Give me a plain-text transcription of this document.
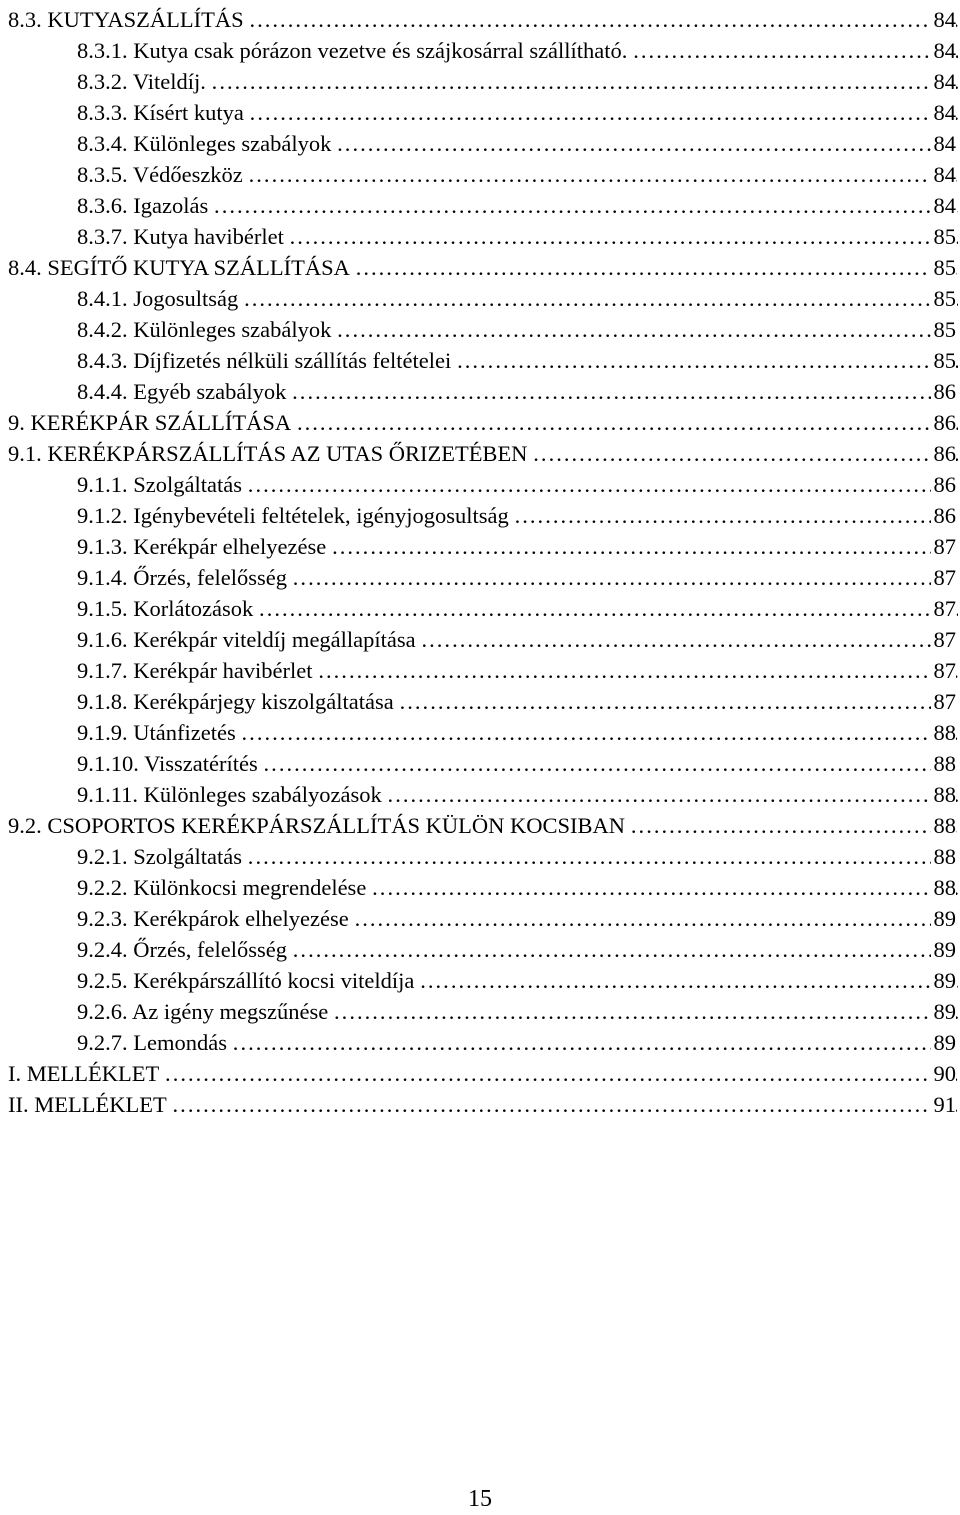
8.3. KUTYASZÁLLÍTÁS . . .	84
8.3.1. Kutya csak pórázon vezetve és szájkosárral szállítható. . . .	84
8.3.2. Viteldíj. . . .	84
8.3.3. Kísért kutya . . .	84
8.3.4. Különleges szabályok . . .	84
8.3.5. Védőeszköz . . .	84
8.3.6. Igazolás . . .	84
8.3.7. Kutya havibérlet . . .	85
8.4. SEGÍTŐ KUTYA SZÁLLÍTÁSA . . .	85
8.4.1. Jogosultság . . .	85
8.4.2. Különleges szabályok . . .	85
8.4.3. Díjfizetés nélküli szállítás feltételei . . .	85
8.4.4. Egyéb szabályok . . .	86
9. KERÉKPÁR SZÁLLÍTÁSA . . .	86
9.1. KERÉKPÁRSZÁLLÍTÁS AZ UTAS ŐRIZETÉBEN . . .	86
9.1.1. Szolgáltatás . . .	86
9.1.2. Igénybevételi feltételek, igényjogosultság . . .	86
9.1.3. Kerékpár elhelyezése . . .	87
9.1.4. Őrzés, felelősség . . .	87
9.1.5. Korlátozások . . .	87
9.1.6. Kerékpár viteldíj megállapítása . . .	87
9.1.7. Kerékpár havibérlet . . .	87
9.1.8. Kerékpárjegy kiszolgáltatása . . .	87
9.1.9. Utánfizetés . . .	88
9.1.10. Visszatérítés . . .	88
9.1.11. Különleges szabályozások . . .	88
9.2. CSOPORTOS KERÉKPÁRSZÁLLÍTÁS KÜLÖN KOCSIBAN . . .	88
9.2.1. Szolgáltatás . . .	88
9.2.2. Különkocsi megrendelése . . .	88
9.2.3. Kerékpárok elhelyezése . . .	89
9.2.4. Őrzés, felelősség . . .	89
9.2.5. Kerékpárszállító kocsi viteldíja . . .	89
9.2.6. Az igény megszűnése . . .	89
9.2.7. Lemondás . . .	89
I. MELLÉKLET . . .	90
II. MELLÉKLET . . .	91
15
